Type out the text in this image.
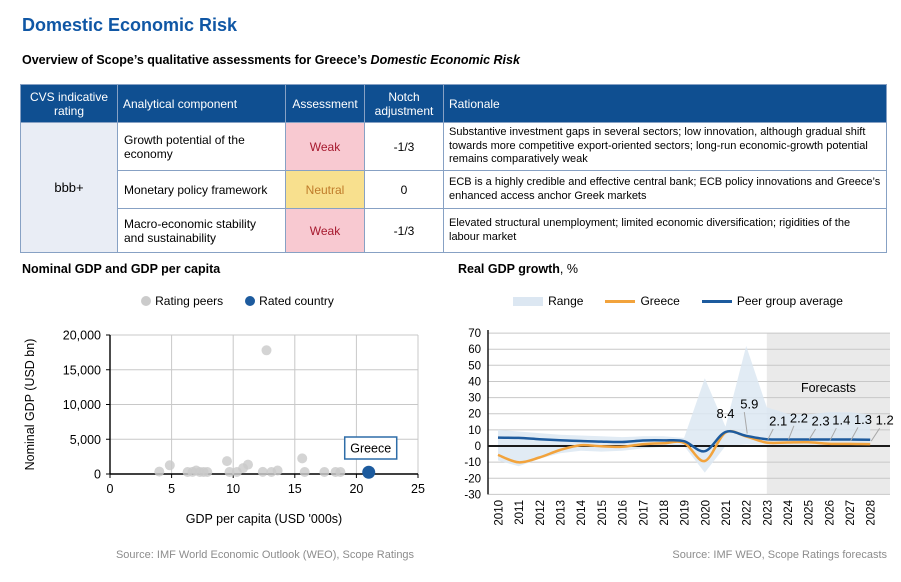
Domestic Economic Risk
Overview of Scope’s qualitative assessments for Greece’s Domestic Economic Risk
CVS indicative rating	Analytical component	Assessment	Notch adjustment	Rationale
bbb+	Growth potential of the economy	Weak	-1/3	Substantive investment gaps in several sectors; low innovation, although gradual shift towards more competitive export-oriented sectors; long-run economic-growth potential remains comparatively weak
	Monetary policy framework	Neutral	0	ECB is a highly credible and effective central bank; ECB policy innovations and Greece’s enhanced access anchor Greek markets
	Macro-economic stability and sustainability	Weak	-1/3	Elevated structural unemployment; limited economic diversification; rigidities of the labour market
Nominal GDP and GDP per capita
Rating peers	Rated country
0
5,000
10,000
15,000
20,000
0	5	10	15	20	25
Greece
GDP per capita (USD '000s)
Nominal GDP (USD bn)
Source: IMF World Economic Outlook (WEO), Scope Ratings
Real GDP growth, %
Range	Greece	Peer group average
70
60
50
40
30
20
10
0
-10
-20
-30
8.4
5.9
2.1 2.2 2.3 1.4 1.3 1.2
Forecasts
2010 2011 2012 2013 2014 2015 2016 2017 2018 2019 2020 2021 2022 2023 2024 2025 2026 2027 2028
Source: IMF WEO, Scope Ratings forecasts
